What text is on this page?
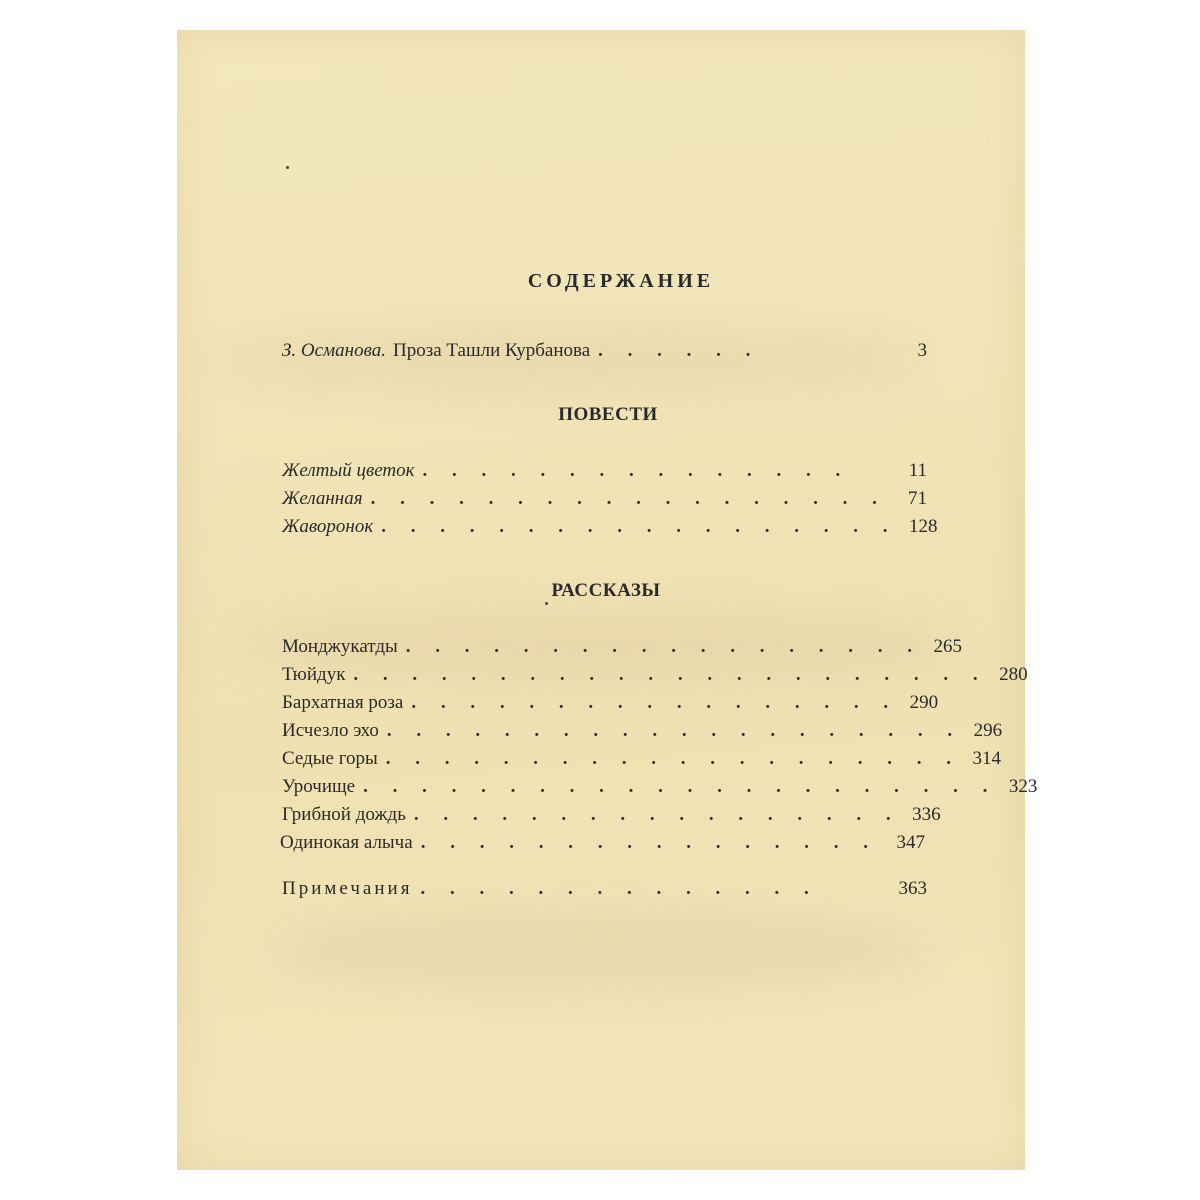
СОДЕРЖАНИЕ
З. Османова. Проза Ташли Курбанова . . . . . .	3
ПОВЕСТИ
Желтый цветок . . . . . . . . . . . . . . .	11
Желанная . . . . . . . . . . . . . . . . . .	71
Жаворонок . . . . . . . . . . . . . . . . . . 128
РАССКАЗЫ
Монджукатды . . . . . . . . . . . . . . . . . . 265
Тюйдук . . . . . . . . . . . . . . . . . . . . . . 280
Бархатная роза . . . . . . . . . . . . . . . . . 290
Исчезло эхо . . . . . . . . . . . . . . . . . . . . 296
Седые горы . . . . . . . . . . . . . . . . . . . . 314
Урочище . . . . . . . . . . . . . . . . . . . . . . 323
Грибной дождь . . . . . . . . . . . . . . . . . 336
Одинокая алыча . . . . . . . . . . . . . . . . 347
Примечания . . . . . . . . . . . . . .	363
